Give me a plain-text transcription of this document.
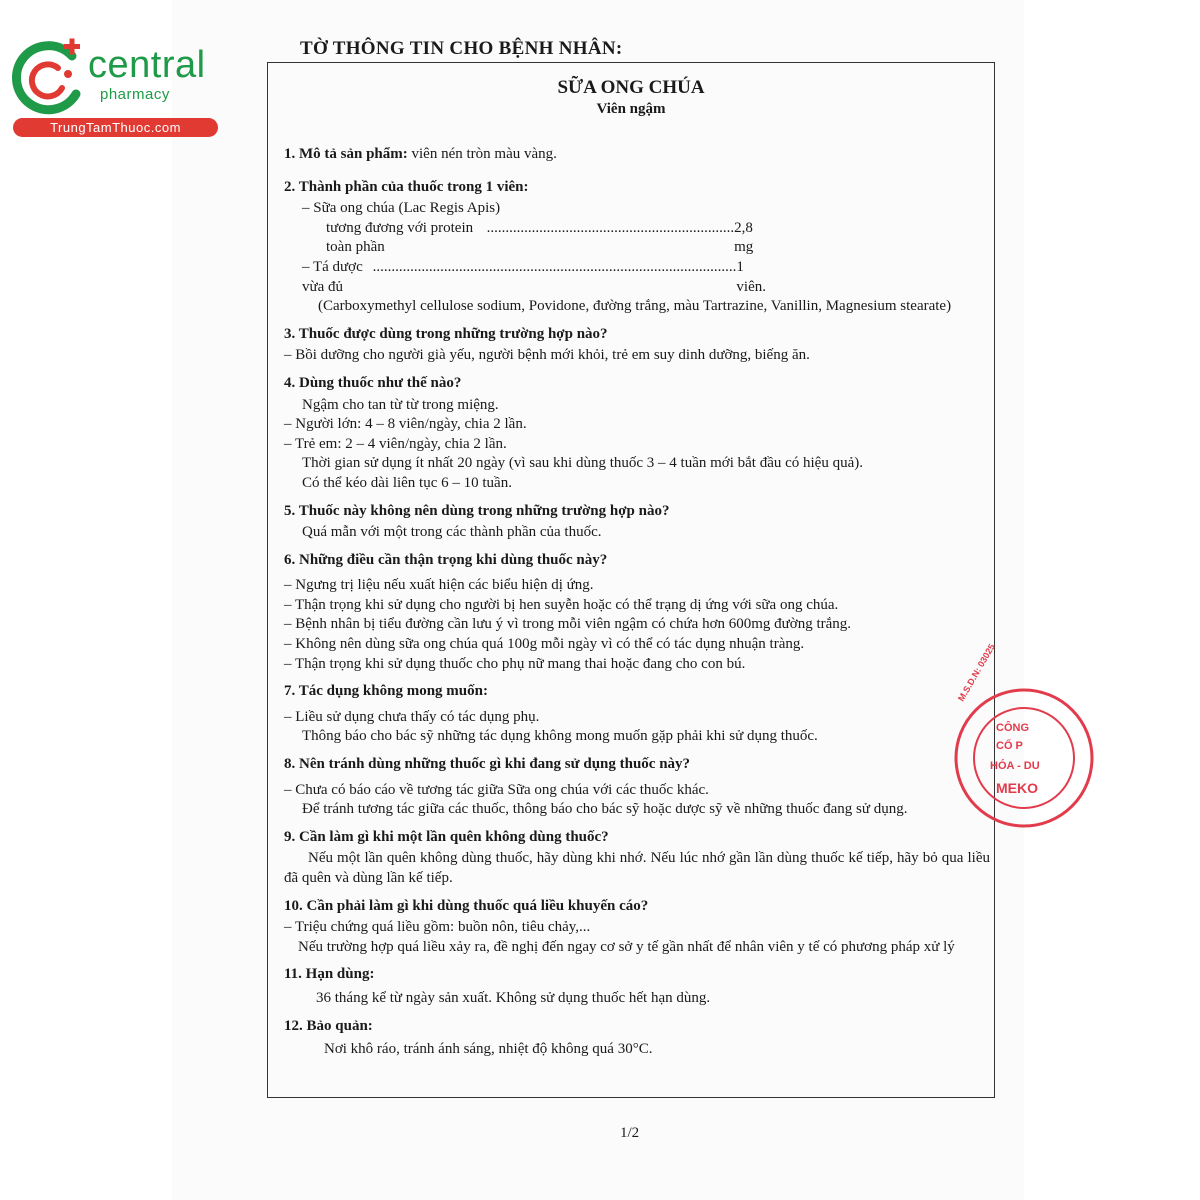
central
pharmacy
TrungTamThuoc.com
TỜ THÔNG TIN CHO BỆNH NHÂN:
SỮA ONG CHÚA
Viên ngậm
1. Mô tả sản phẩm: viên nén tròn màu vàng.
2. Thành phần của thuốc trong 1 viên:
– Sữa ong chúa (Lac Regis Apis)
tương đương với protein toàn phần
.................................................................. 2,8 mg
– Tá dược vừa đủ
................................................................................................. 1 viên.
(Carboxymethyl cellulose sodium, Povidone, đường trắng, màu Tartrazine, Vanillin, Magnesium stearate)
3. Thuốc được dùng trong những trường hợp nào?
– Bồi dưỡng cho người già yếu, người bệnh mới khỏi, trẻ em suy dinh dưỡng, biếng ăn.
4. Dùng thuốc như thế nào?
Ngậm cho tan từ từ trong miệng.
– Người lớn: 4 – 8 viên/ngày, chia 2 lần.
– Trẻ em: 2 – 4 viên/ngày, chia 2 lần.
Thời gian sử dụng ít nhất 20 ngày (vì sau khi dùng thuốc 3 – 4 tuần mới bắt đầu có hiệu quả).
Có thể kéo dài liên tục 6 – 10 tuần.
5. Thuốc này không nên dùng trong những trường hợp nào?
Quá mẫn với một trong các thành phần của thuốc.
6. Những điều cần thận trọng khi dùng thuốc này?
– Ngưng trị liệu nếu xuất hiện các biểu hiện dị ứng.
– Thận trọng khi sử dụng cho người bị hen suyễn hoặc có thể trạng dị ứng với sữa ong chúa.
– Bệnh nhân bị tiểu đường cần lưu ý vì trong mỗi viên ngậm có chứa hơn 600mg đường trắng.
– Không nên dùng sữa ong chúa quá 100g mỗi ngày vì có thể có tác dụng nhuận tràng.
– Thận trọng khi sử dụng thuốc cho phụ nữ mang thai hoặc đang cho con bú.
7. Tác dụng không mong muốn:
– Liều sử dụng chưa thấy có tác dụng phụ.
Thông báo cho bác sỹ những tác dụng không mong muốn gặp phải khi sử dụng thuốc.
8. Nên tránh dùng những thuốc gì khi đang sử dụng thuốc này?
– Chưa có báo cáo về tương tác giữa Sữa ong chúa với các thuốc khác.
Để tránh tương tác giữa các thuốc, thông báo cho bác sỹ hoặc dược sỹ về những thuốc đang sử dụng.
9. Cần làm gì khi một lần quên không dùng thuốc?
Nếu một lần quên không dùng thuốc, hãy dùng khi nhớ. Nếu lúc nhớ gần lần dùng thuốc kế tiếp, hãy bỏ qua liều đã quên và dùng lần kế tiếp.
10. Cần phải làm gì khi dùng thuốc quá liều khuyến cáo?
– Triệu chứng quá liều gồm: buồn nôn, tiêu chảy,...
Nếu trường hợp quá liều xảy ra, đề nghị đến ngay cơ sở y tế gần nhất để nhân viên y tế có phương pháp xử lý
11. Hạn dùng:
36 tháng kể từ ngày sản xuất. Không sử dụng thuốc hết hạn dùng.
12. Bảo quản:
Nơi khô ráo, tránh ánh sáng, nhiệt độ không quá 30°C.
CÔNG
CỔ P
HÓA - DU
MEKO
M.S.D.N: 03025
1/2
